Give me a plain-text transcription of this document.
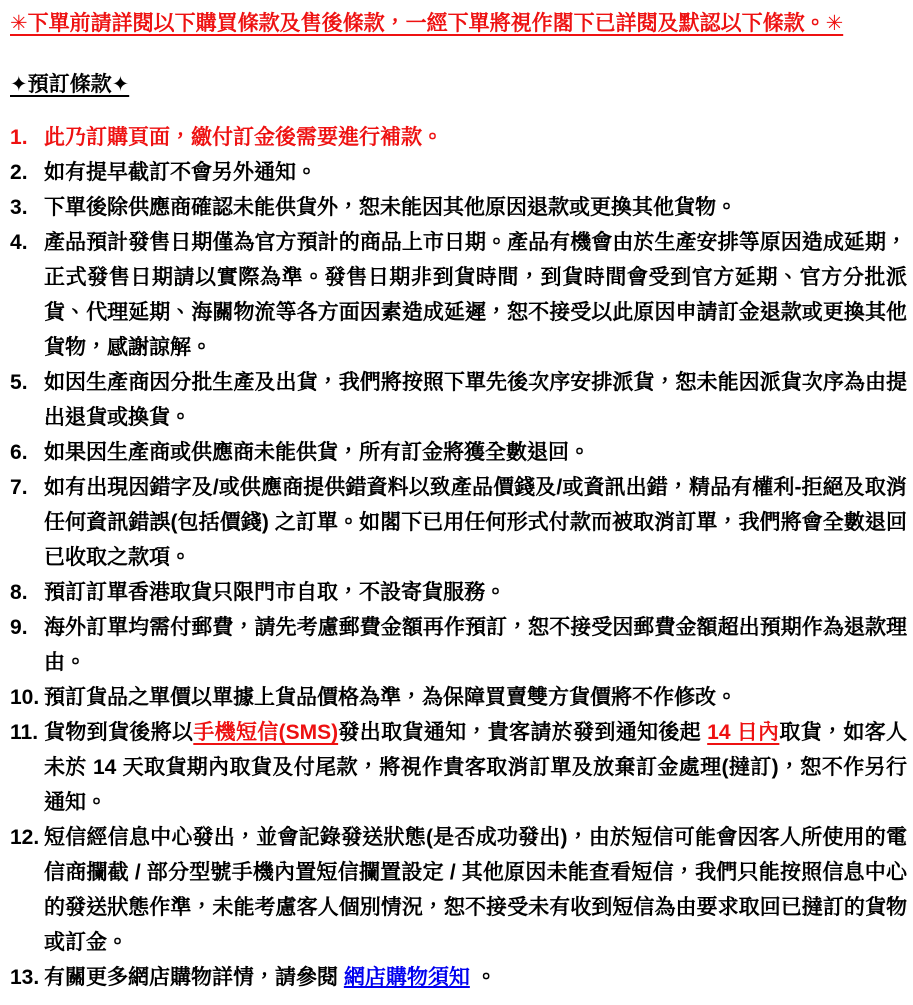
✳下單前請詳閱以下購買條款及售後條款，一經下單將視作閣下已詳閱及默認以下條款。✳
✦預訂條款✦
此乃訂購頁面，繳付訂金後需要進行補款。
如有提早截訂不會另外通知。
下單後除供應商確認未能供貨外，恕未能因其他原因退款或更換其他貨物。
產品預計發售日期僅為官方預計的商品上市日期。產品有機會由於生產安排等原因造成延期，正式發售日期請以實際為準。發售日期非到貨時間，到貨時間會受到官方延期、官方分批派貨、代理延期、海關物流等各方面因素造成延遲，恕不接受以此原因申請訂金退款或更換其他貨物，感謝諒解。
如因生產商因分批生產及出貨，我們將按照下單先後次序安排派貨，恕未能因派貨次序為由提出退貨或換貨。
如果因生產商或供應商未能供貨，所有訂金將獲全數退回。
如有出現因錯字及/或供應商提供錯資料以致產品價錢及/或資訊出錯，精品有權利-拒絕及取消任何資訊錯誤(包括價錢) 之訂單。如閣下已用任何形式付款而被取消訂單，我們將會全數退回已收取之款項。
預訂訂單香港取貨只限門市自取，不設寄貨服務。
海外訂單均需付郵費，請先考慮郵費金額再作預訂，恕不接受因郵費金額超出預期作為退款理由。
預訂貨品之單價以單據上貨品價格為準，為保障買賣雙方貨價將不作修改。
貨物到貨後將以手機短信(SMS)發出取貨通知，貴客請於發到通知後起 14 日內取貨，如客人未於 14 天取貨期內取貨及付尾款，將視作貴客取消訂單及放棄訂金處理(撻訂)，恕不作另行通知。
短信經信息中心發出，並會記錄發送狀態(是否成功發出)，由於短信可能會因客人所使用的電信商攔截 / 部分型號手機內置短信攔置設定 / 其他原因未能查看短信，我們只能按照信息中心的發送狀態作準，未能考慮客人個別情況，恕不接受未有收到短信為由要求取回已撻訂的貨物或訂金。
有關更多網店購物詳情，請參閱 網店購物須知 。
